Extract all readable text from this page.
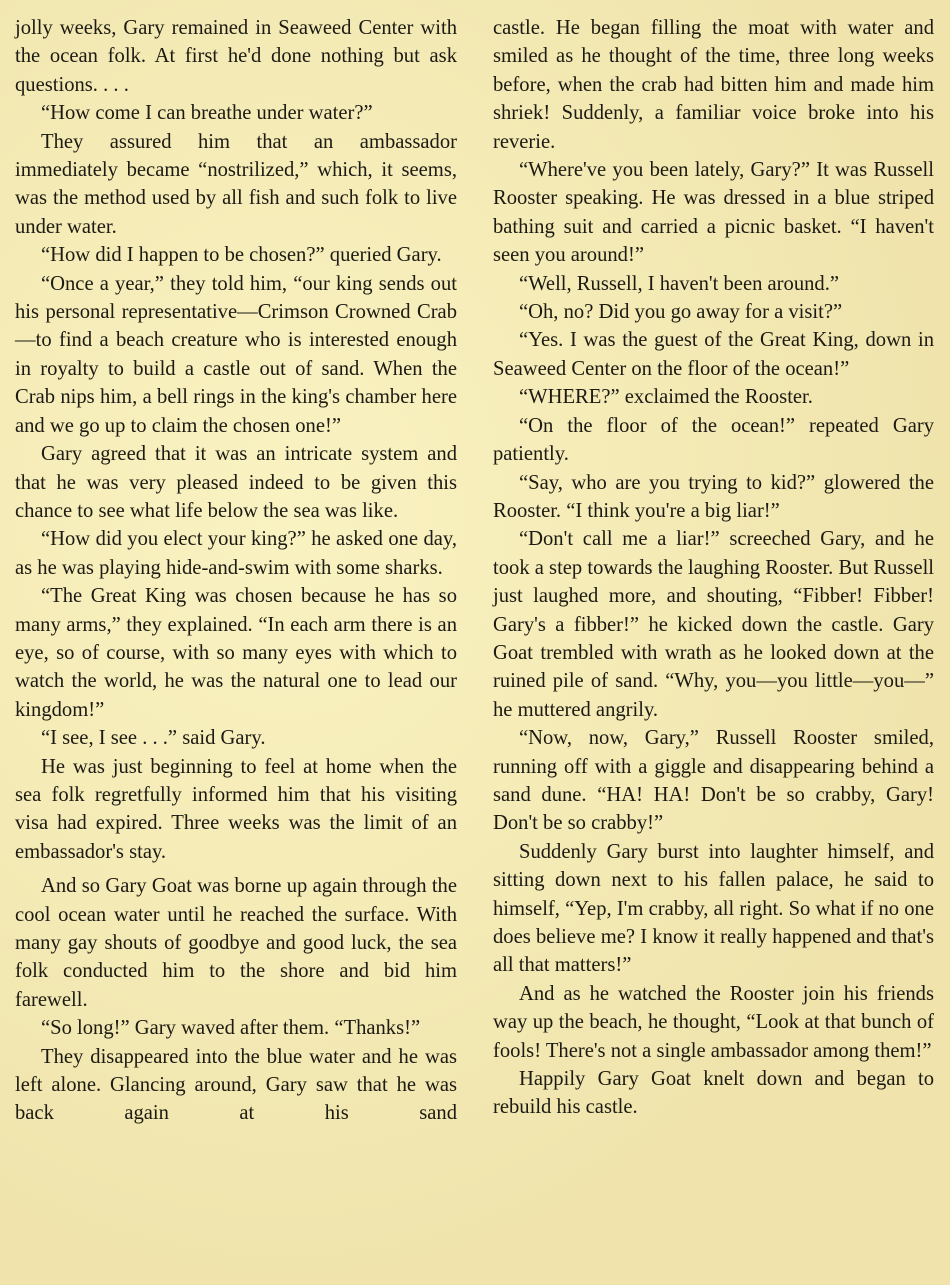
jolly weeks, Gary remained in Seaweed Center with the ocean folk. At first he'd done nothing but ask questions. . . .

“How come I can breathe under water?”

They assured him that an ambassador immediately became “nostrilized,” which, it seems, was the method used by all fish and such folk to live under water.

“How did I happen to be chosen?” queried Gary.

“Once a year,” they told him, “our king sends out his personal representative—Crimson Crowned Crab—to find a beach creature who is interested enough in royalty to build a castle out of sand. When the Crab nips him, a bell rings in the king's chamber here and we go up to claim the chosen one!”

Gary agreed that it was an intricate system and that he was very pleased indeed to be given this chance to see what life below the sea was like.

“How did you elect your king?” he asked one day, as he was playing hide-and-swim with some sharks.

“The Great King was chosen because he has so many arms,” they explained. “In each arm there is an eye, so of course, with so many eyes with which to watch the world, he was the natural one to lead our kingdom!”

“I see, I see . . .” said Gary.

He was just beginning to feel at home when the sea folk regretfully informed him that his visiting visa had expired. Three weeks was the limit of an embassador's stay.

And so Gary Goat was borne up again through the cool ocean water until he reached the surface. With many gay shouts of goodbye and good luck, the sea folk conducted him to the shore and bid him farewell.

“So long!” Gary waved after them. “Thanks!”

They disappeared into the blue water and he was left alone. Glancing around, Gary saw that he was back again at his sand

castle. He began filling the moat with water and smiled as he thought of the time, three long weeks before, when the crab had bitten him and made him shriek! Suddenly, a familiar voice broke into his reverie.

“Where've you been lately, Gary?” It was Russell Rooster speaking. He was dressed in a blue striped bathing suit and carried a picnic basket. “I haven't seen you around!”

“Well, Russell, I haven't been around.”

“Oh, no? Did you go away for a visit?”

“Yes. I was the guest of the Great King, down in Seaweed Center on the floor of the ocean!”

“WHERE?” exclaimed the Rooster.

“On the floor of the ocean!” repeated Gary patiently.

“Say, who are you trying to kid?” glowered the Rooster. “I think you're a big liar!”

“Don't call me a liar!” screeched Gary, and he took a step towards the laughing Rooster. But Russell just laughed more, and shouting, “Fibber! Fibber! Gary's a fibber!” he kicked down the castle. Gary Goat trembled with wrath as he looked down at the ruined pile of sand. “Why, you—you little—you—” he muttered angrily.

“Now, now, Gary,” Russell Rooster smiled, running off with a giggle and disappearing behind a sand dune. “HA! HA! Don't be so crabby, Gary! Don't be so crabby!”

Suddenly Gary burst into laughter himself, and sitting down next to his fallen palace, he said to himself, “Yep, I'm crabby, all right. So what if no one does believe me? I know it really happened and that's all that matters!”

And as he watched the Rooster join his friends way up the beach, he thought, “Look at that bunch of fools! There's not a single ambassador among them!”

Happily Gary Goat knelt down and began to rebuild his castle.
